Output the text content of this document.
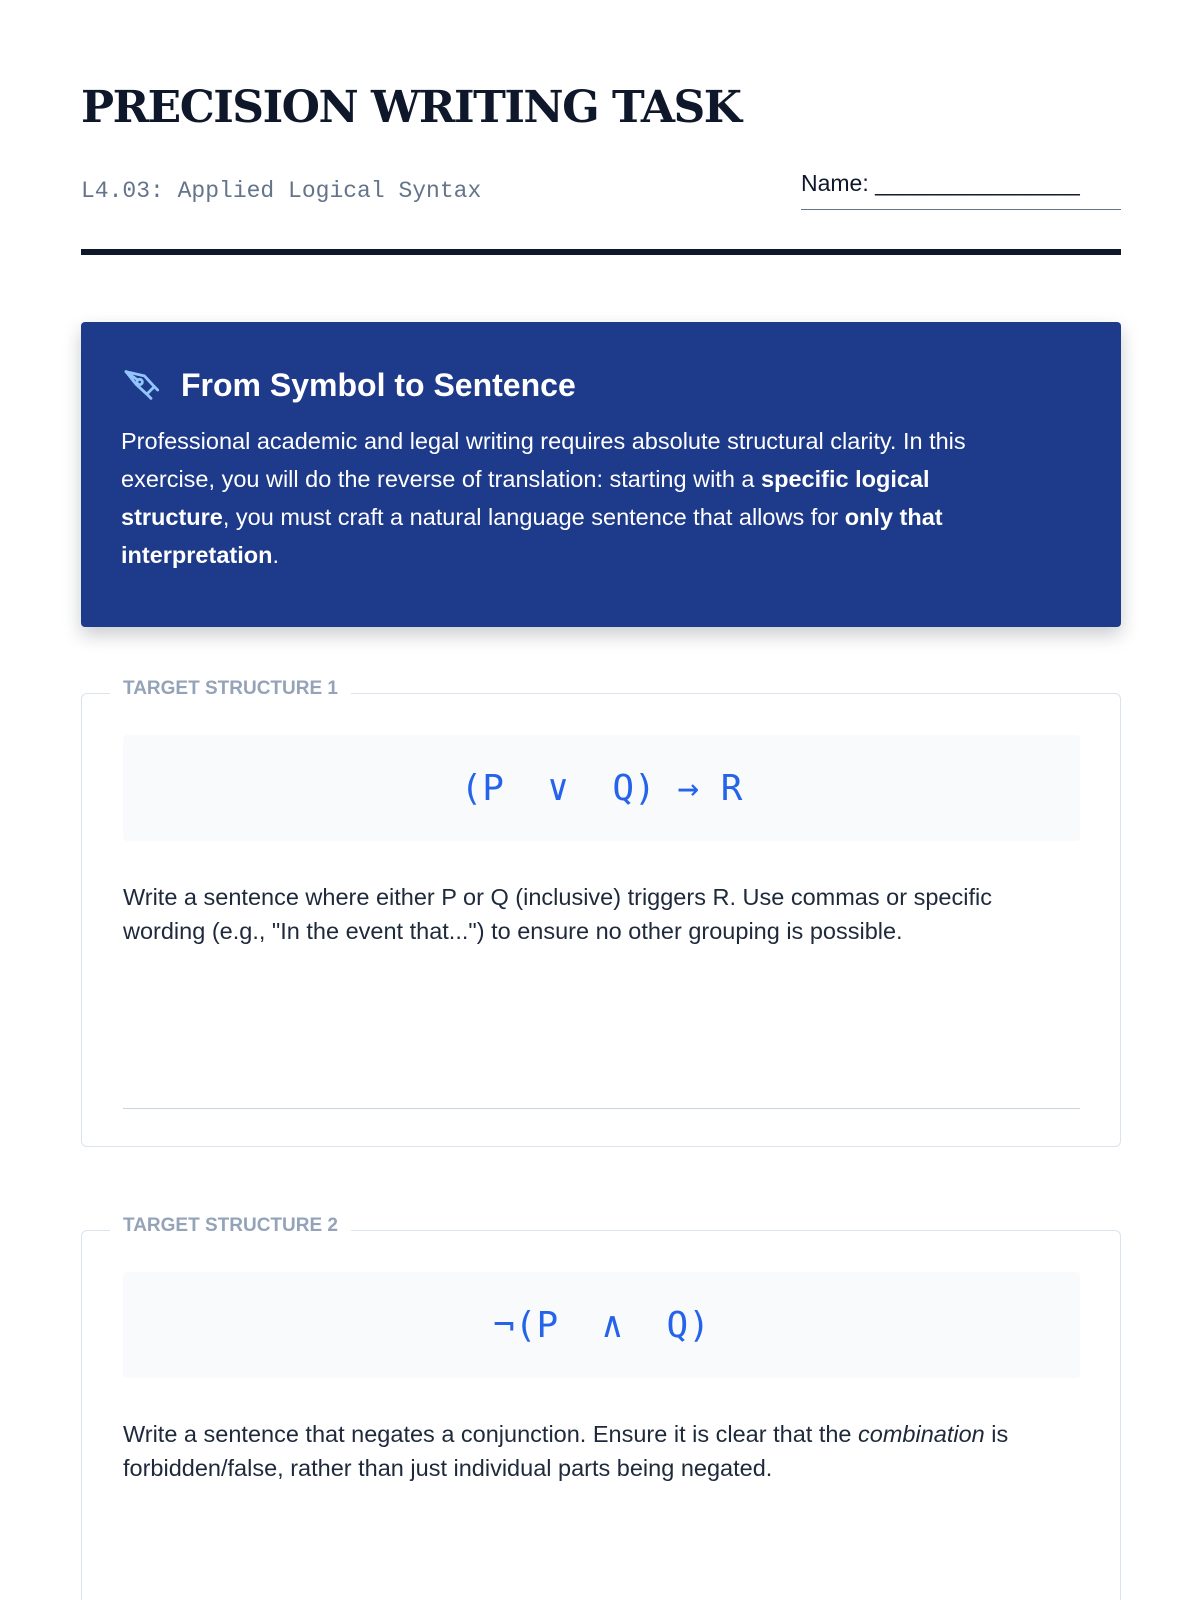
PRECISION WRITING TASK
L4.03: Applied Logical Syntax	Name: ________________
From Symbol to Sentence

Professional academic and legal writing requires absolute structural clarity. In this exercise, you will do the reverse of translation: starting with a specific logical structure, you must craft a natural language sentence that allows for only that interpretation.

TARGET STRUCTURE 1
(P  ∨  Q) → R

Write a sentence where either P or Q (inclusive) triggers R. Use commas or specific wording (e.g., "In the event that...") to ensure no other grouping is possible.

TARGET STRUCTURE 2
¬(P  ∧  Q)

Write a sentence that negates a conjunction. Ensure it is clear that the combination is forbidden/false, rather than just individual parts being negated.
